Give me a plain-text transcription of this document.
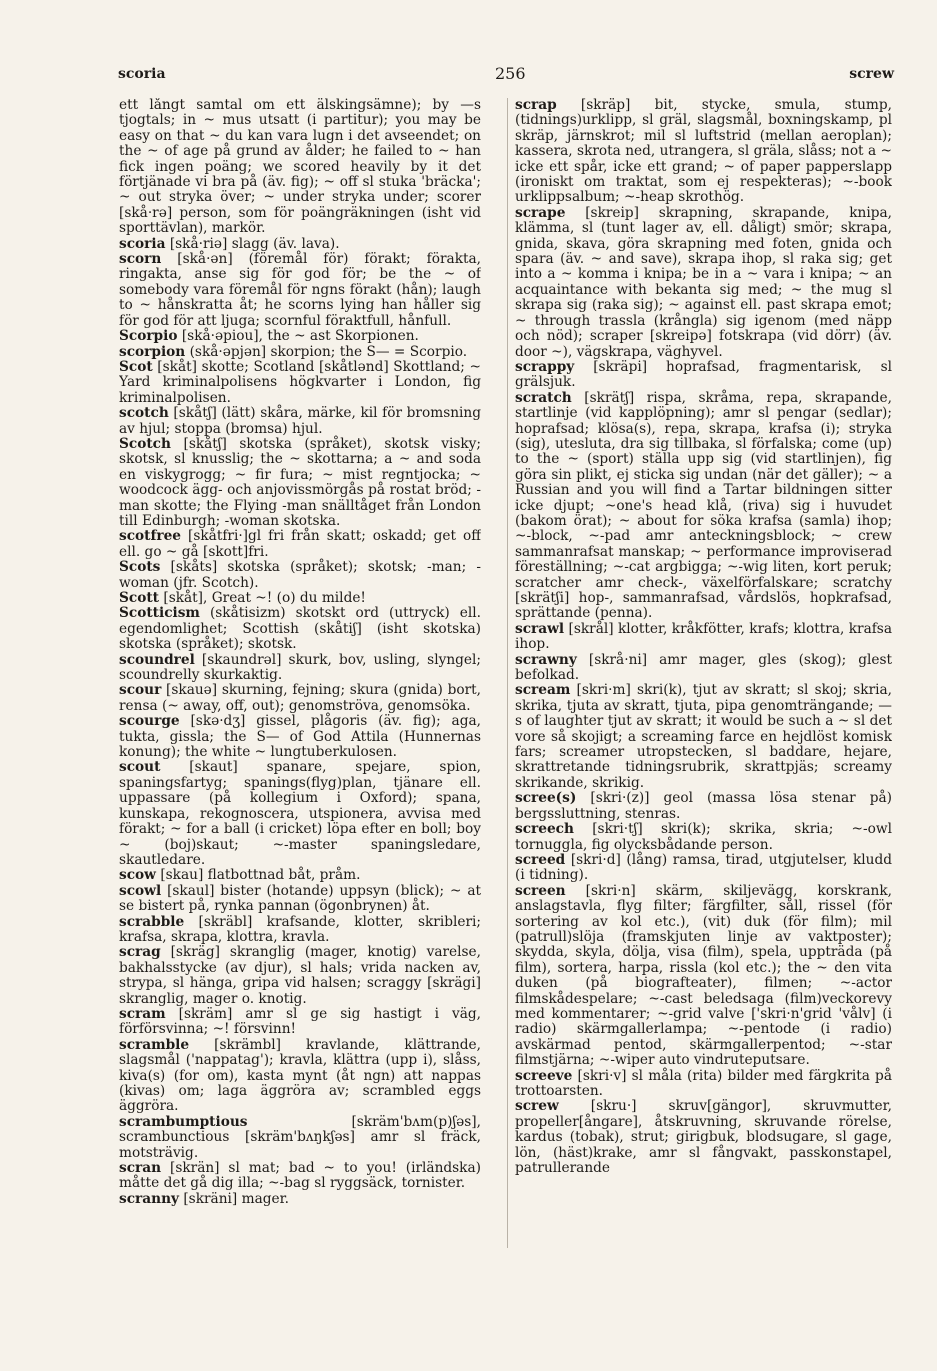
scoria	256	screw

ett långt samtal om ett älskingsämne); by —s tjogtals; in ~ mus utsatt (i partitur); you may be easy on that ~ du kan vara lugn i det avseendet; on the ~ of age på grund av ålder; he failed to ~ han fick ingen poäng; we scored heavily by it det förtjänade vi bra på (äv. fig); ~ off sl stuka 'bräcka'; ~ out stryka över; ~ under stryka under; scorer [skå·rə] person, som för poängräkningen (isht vid sporttävlan), markör.

scoria [skå·riə] slagg (äv. lava).

scorn [skå·ən] (föremål för) förakt; förakta, ringakta, anse sig för god för; be the ~ of somebody vara föremål för ngns förakt (hån); laugh to ~ hånskratta åt; he scorns lying han håller sig för god för att ljuga; scornful föraktfull, hånfull.

Scorpio [skå·əpiou], the ~ ast Skorpionen.

scorpion (skå·əpjən] skorpion; the S— = Scorpio.

Scot [skåt] skotte; Scotland [skåtlənd] Skottland; ~ Yard kriminalpolisens högkvarter i London, fig kriminalpolisen.

scotch [skåtʃ] (lätt) skåra, märke, kil för bromsning av hjul; stoppa (bromsa) hjul.

Scotch [skåtʃ] skotska (språket), skotsk visky; skotsk, sl knusslig; the ~ skottarna; a ~ and soda en viskygrogg; ~ fir fura; ~ mist regntjocka; ~ woodcock ägg- och anjovissmörgås på rostat bröd; -man skotte; the Flying -man snälltåget från London till Edinburgh; -woman skotska.

scotfree [skåtfri·]gl fri från skatt; oskadd; get off ell. go ~ gå [skott]fri.

Scots [skåts] skotska (språket); skotsk; -man; -woman (jfr. Scotch).

Scott [skåt], Great ~! (o) du milde!

Scotticism (skåtisizm) skotskt ord (uttryck) ell. egendomlighet; Scottish (skåtiʃ] (isht skotska) skotska (språket); skotsk.

scoundrel [skaundrəl] skurk, bov, usling, slyngel; scoundrelly skurkaktig.

scour [skauə] skurning, fejning; skura (gnida) bort, rensa (~ away, off, out); genomströva, genomsöka.

scourge [skə·dʒ] gissel, plågoris (äv. fig); aga, tukta, gissla; the S— of God Attila (Hunnernas konung); the white ~ lungtuberkulosen.

scout [skaut] spanare, spejare, spion, spaningsfartyg; spanings(flyg)plan, tjänare ell. uppassare (på kollegium i Oxford); spana, kunskapa, rekognoscera, utspionera, avvisa med förakt; ~ for a ball (i cricket) löpa efter en boll; boy ~ (boj)skaut; ~-master spaningsledare, skautledare.

scow [skau] flatbottnad båt, pråm.

scowl [skaul] bister (hotande) uppsyn (blick); ~ at se bistert på, rynka pannan (ögonbrynen) åt.

scrabble [skräbl] krafsande, klotter, skribleri; krafsa, skrapa, klottra, kravla.

scrag [skräg] skranglig (mager, knotig) varelse, bakhalsstycke (av djur), sl hals; vrida nacken av, strypa, sl hänga, gripa vid halsen; scraggy [skrägi] skranglig, mager o. knotig.

scram [skräm] amr sl ge sig hastigt i väg, förförsvinna; ~! försvinn!

scramble [skrämbl] kravlande, klättrande, slagsmål ('nappatag'); kravla, klättra (upp i), slåss, kiva(s) (for om), kasta mynt (åt ngn) att nappas (kivas) om; laga äggröra av; scrambled eggs äggröra.

scrambumptious	[skräm'bʌm(p)ʃəs], scrambunctious [skräm'bʌŋkʃəs] amr sl fräck, motsträvig.

scran [skrän] sl mat; bad ~ to you! (irländska) måtte det gå dig illa; ~-bag sl ryggsäck, tornister.

scranny [skräni] mager.

scrap [skräp] bit, stycke, smula, stump, (tidnings)urklipp, sl gräl, slagsmål, boxningskamp, pl skräp, järnskrot; mil sl luftstrid (mellan aeroplan); kassera, skrota ned, utrangera, sl gräla, slåss; not a ~ icke ett spår, icke ett grand; ~ of paper papperslapp (ironiskt om traktat, som ej respekteras); ~-book urklippsalbum; ~-heap skrothög.

scrape [skreip] skrapning, skrapande, knipa, klämma, sl (tunt lager av, ell. dåligt) smör; skrapa, gnida, skava, göra skrapning med foten, gnida och spara (äv. ~ and save), skrapa ihop, sl raka sig; get into a ~ komma i knipa; be in a ~ vara i knipa; ~ an acquaintance with bekanta sig med; ~ the mug sl skrapa sig (raka sig); ~ against ell. past skrapa emot; ~ through trassla (krångla) sig igenom (med näpp och nöd); scraper [skreipə] fotskrapa (vid dörr) (äv. door ~), vägskrapa, väghyvel.

scrappy [skräpi] hoprafsad, fragmentarisk, sl grälsjuk.

scratch [skrätʃ] rispa, skråma, repa, skrapande, startlinje (vid kapplöpning); amr sl pengar (sedlar); hoprafsad; klösa(s), repa, skrapa, krafsa (i); stryka (sig), utesluta, dra sig tillbaka, sl förfalska; come (up) to the ~ (sport) ställa upp sig (vid startlinjen), fig göra sin plikt, ej sticka sig undan (när det gäller); ~ a Russian and you will find a Tartar bildningen sitter icke djupt; ~one's head klå, (riva) sig i huvudet (bakom örat); ~ about for söka krafsa (samla) ihop; ~-block, ~-pad amr anteckningsblock; ~ crew sammanrafsat manskap; ~ performance improviserad föreställning; ~-cat argbigga; ~-wig liten, kort peruk; scratcher amr check-, växelförfalskare; scratchy [skrätʃi] hop-, sammanrafsad, vårdslös, hopkrafsad, sprättande (penna).

scrawl [skrål] klotter, kråkfötter, krafs; klottra, krafsa ihop.

scrawny [skrå·ni] amr mager, gles (skog); glest befolkad.

scream [skri·m] skri(k), tjut av skratt; sl skoj; skria, skrika, tjuta av skratt, tjuta, pipa genomträngande; —s of laughter tjut av skratt; it would be such a ~ sl det vore så skojigt; a screaming farce en hejdlöst komisk fars; screamer utropstecken, sl baddare, hejare, skrattretande tidningsrubrik, skrattpjäs; screamy skrikande, skrikig.

scree(s) [skri·(z)] geol (massa lösa stenar på) bergssluttning, stenras.

screech [skri·tʃ] skri(k); skrika, skria; ~-owl tornuggla, fig olycksbådande person.

screed [skri·d] (lång) ramsa, tirad, utgjutelser, kludd (i tidning).

screen [skri·n] skärm, skiljevägg, korskrank, anslagstavla, flyg filter; färgfilter, såll, rissel (för sortering av kol etc.), (vit) duk (för film); mil (patrull)slöja (framskjuten linje av vaktposter); skydda, skyla, dölja, visa (film), spela, uppträda (på film), sortera, harpa, rissla (kol etc.); the ~ den vita duken (på biografteater), filmen; ~-actor filmskådespelare; ~-cast beledsaga (film)veckorevy med kommentarer; ~-grid valve ['skri·n'grid 'vålv] (i radio) skärmgallerlampa; ~-pentode (i radio) avskärmad pentod, skärmgallerpentod; ~-star filmstjärna; ~-wiper auto vindruteputsare.

screeve [skri·v] sl måla (rita) bilder med färgkrita på trottoarsten.

screw [skru·] skruv[gängor], skruvmutter, propeller[ångare], åtskruvning, skruvande rörelse, kardus (tobak), strut; girigbuk, blodsugare, sl gage, lön, (häst)krake, amr sl fångvakt, passkonstapel, patrullerande
